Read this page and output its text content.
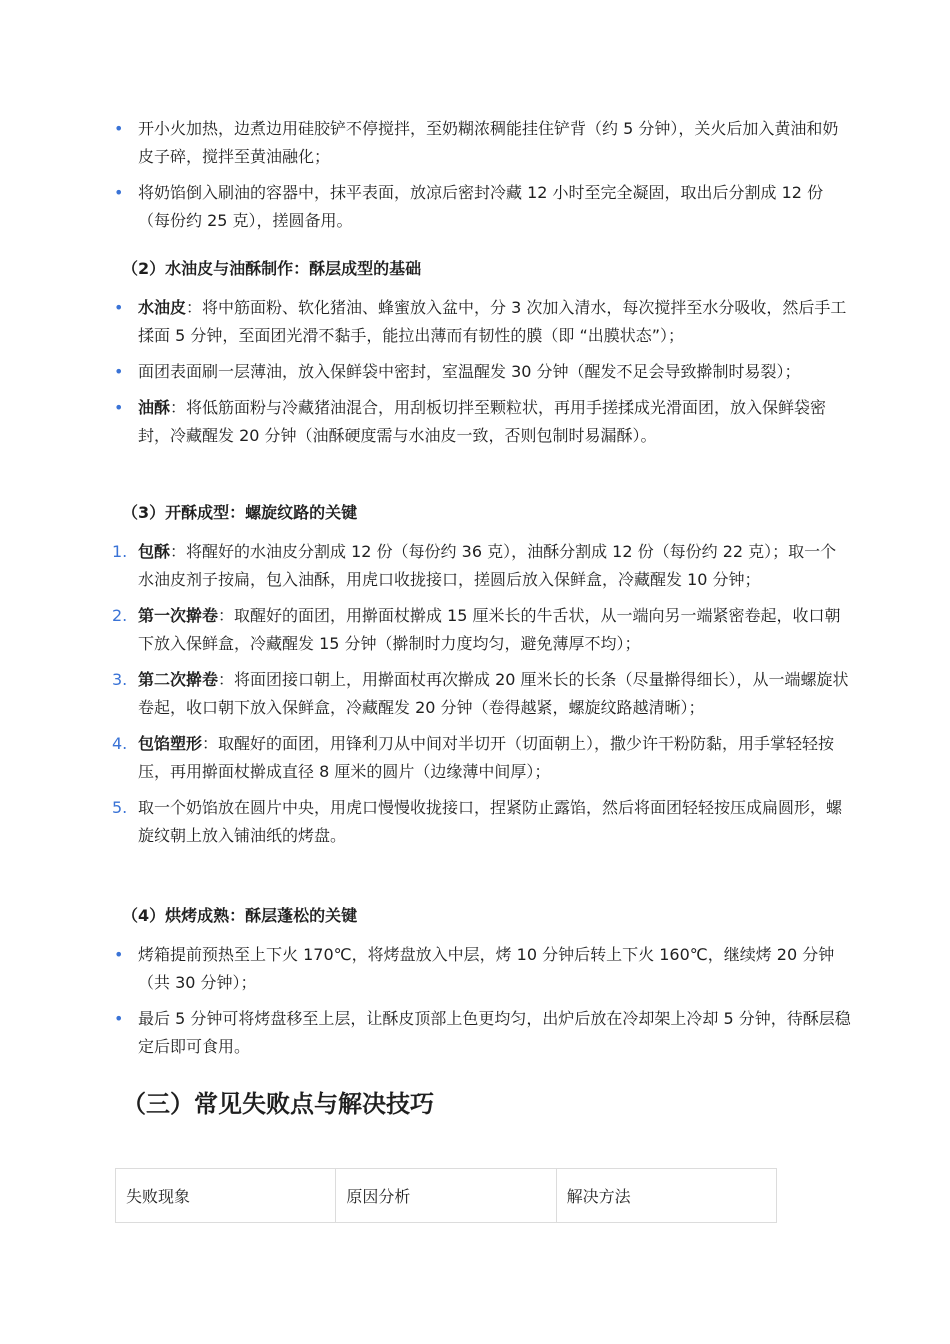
• 开小火加热，边煮边用硅胶铲不停搅拌，至奶糊浓稠能挂住铲背（约 5 分钟），关火后加入黄油和奶皮子碎，搅拌至黄油融化；
• 将奶馅倒入刷油的容器中，抹平表面，放凉后密封冷藏 12 小时至完全凝固，取出后分割成 12 份（每份约 25 克），搓圆备用。
（2）水油皮与油酥制作：酥层成型的基础
• 水油皮：将中筋面粉、软化猪油、蜂蜜放入盆中，分 3 次加入清水，每次搅拌至水分吸收，然后手工揉面 5 分钟，至面团光滑不黏手，能拉出薄而有韧性的膜（即 “出膜状态”）；
• 面团表面刷一层薄油，放入保鲜袋中密封，室温醒发 30 分钟（醒发不足会导致擀制时易裂）；
• 油酥：将低筋面粉与冷藏猪油混合，用刮板切拌至颗粒状，再用手搓揉成光滑面团，放入保鲜袋密封，冷藏醒发 20 分钟（油酥硬度需与水油皮一致，否则包制时易漏酥）。
（3）开酥成型：螺旋纹路的关键
1. 包酥：将醒好的水油皮分割成 12 份（每份约 36 克），油酥分割成 12 份（每份约 22 克）；取一个水油皮剂子按扁，包入油酥，用虎口收拢接口，搓圆后放入保鲜盒，冷藏醒发 10 分钟；
2. 第一次擀卷：取醒好的面团，用擀面杖擀成 15 厘米长的牛舌状，从一端向另一端紧密卷起，收口朝下放入保鲜盒，冷藏醒发 15 分钟（擀制时力度均匀，避免薄厚不均）；
3. 第二次擀卷：将面团接口朝上，用擀面杖再次擀成 20 厘米长的长条（尽量擀得细长），从一端螺旋状卷起，收口朝下放入保鲜盒，冷藏醒发 20 分钟（卷得越紧，螺旋纹路越清晰）；
4. 包馅塑形：取醒好的面团，用锋利刀从中间对半切开（切面朝上），撒少许干粉防黏，用手掌轻轻按压，再用擀面杖擀成直径 8 厘米的圆片（边缘薄中间厚）；
5. 取一个奶馅放在圆片中央，用虎口慢慢收拢接口，捏紧防止露馅，然后将面团轻轻按压成扁圆形，螺旋纹朝上放入铺油纸的烤盘。
（4）烘烤成熟：酥层蓬松的关键
• 烤箱提前预热至上下火 170℃，将烤盘放入中层，烤 10 分钟后转上下火 160℃，继续烤 20 分钟（共 30 分钟）；
• 最后 5 分钟可将烤盘移至上层，让酥皮顶部上色更均匀，出炉后放在冷却架上冷却 5 分钟，待酥层稳定后即可食用。
（三）常见失败点与解决技巧
失败现象	原因分析	解决方法
